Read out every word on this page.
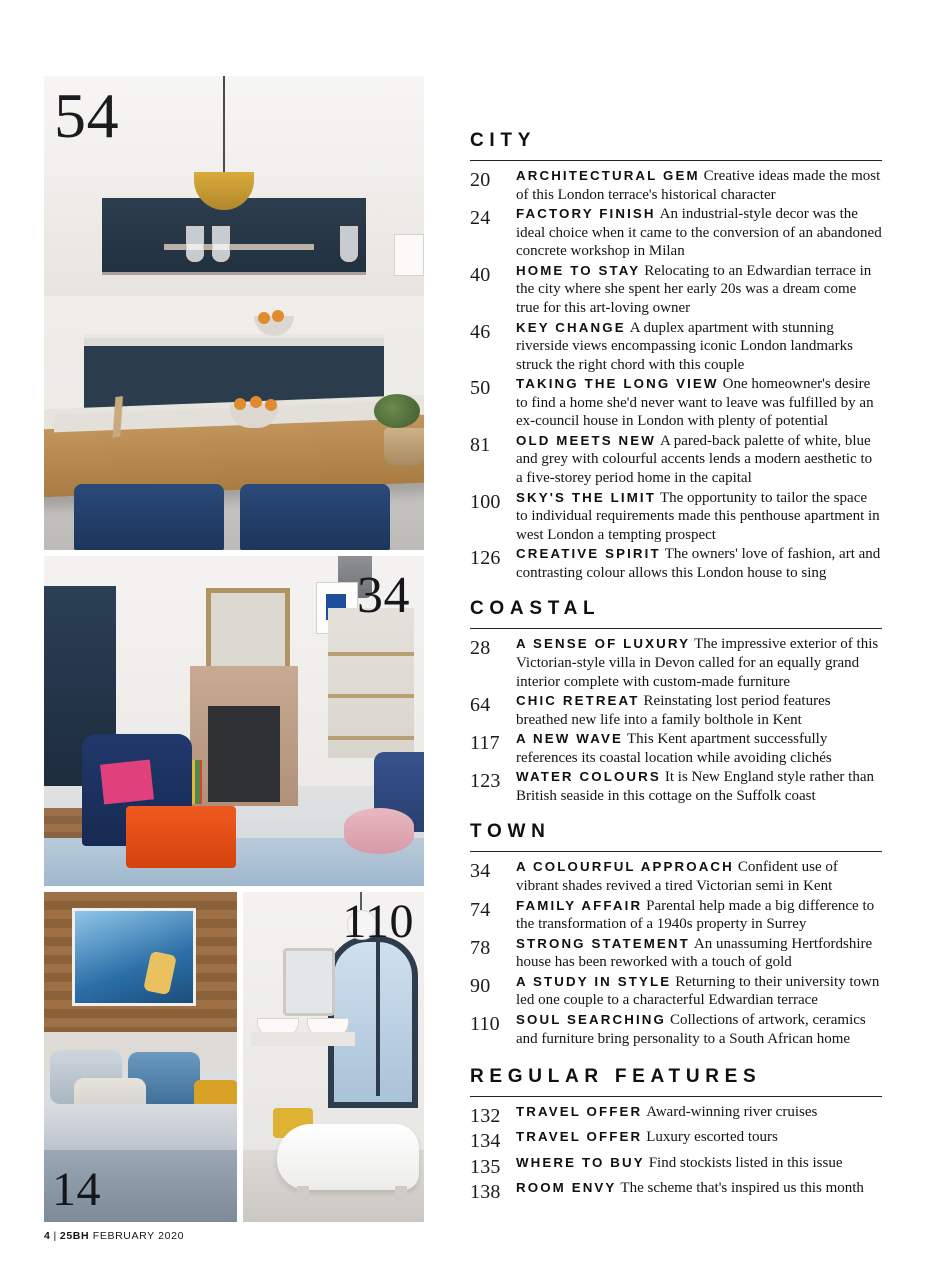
54
34
14
110
CITY
20	ARCHITECTURAL GEM Creative ideas made the most of this London terrace's historical character
24	FACTORY FINISH An industrial-style decor was the ideal choice when it came to the conversion of an abandoned concrete workshop in Milan
40	HOME TO STAY Relocating to an Edwardian terrace in the city where she spent her early 20s was a dream come true for this art-loving owner
46	KEY CHANGE A duplex apartment with stunning riverside views encompassing iconic London landmarks struck the right chord with this couple
50	TAKING THE LONG VIEW One homeowner's desire to find a home she'd never want to leave was fulfilled by an ex-council house in London with plenty of potential
81	OLD MEETS NEW A pared-back palette of white, blue and grey with colourful accents lends a modern aesthetic to a five-storey period home in the capital
100	SKY'S THE LIMIT The opportunity to tailor the space to individual requirements made this penthouse apartment in west London a tempting prospect
126	CREATIVE SPIRIT The owners' love of fashion, art and contrasting colour allows this London house to sing
COASTAL
28	A SENSE OF LUXURY The impressive exterior of this Victorian-style villa in Devon called for an equally grand interior complete with custom-made furniture
64	CHIC RETREAT Reinstating lost period features breathed new life into a family bolthole in Kent
117	A NEW WAVE This Kent apartment successfully references its coastal location while avoiding clichés
123	WATER COLOURS It is New England style rather than British seaside in this cottage on the Suffolk coast
TOWN
34	A COLOURFUL APPROACH Confident use of vibrant shades revived a tired Victorian semi in Kent
74	FAMILY AFFAIR Parental help made a big difference to the transformation of a 1940s property in Surrey
78	STRONG STATEMENT An unassuming Hertfordshire house has been reworked with a touch of gold
90	A STUDY IN STYLE Returning to their university town led one couple to a characterful Edwardian terrace
110	SOUL SEARCHING Collections of artwork, ceramics and furniture bring personality to a South African home
REGULAR FEATURES
132	TRAVEL OFFER Award-winning river cruises
134	TRAVEL OFFER Luxury escorted tours
135	WHERE TO BUY Find stockists listed in this issue
138	ROOM ENVY The scheme that's inspired us this month
4 | 25BH FEBRUARY 2020
